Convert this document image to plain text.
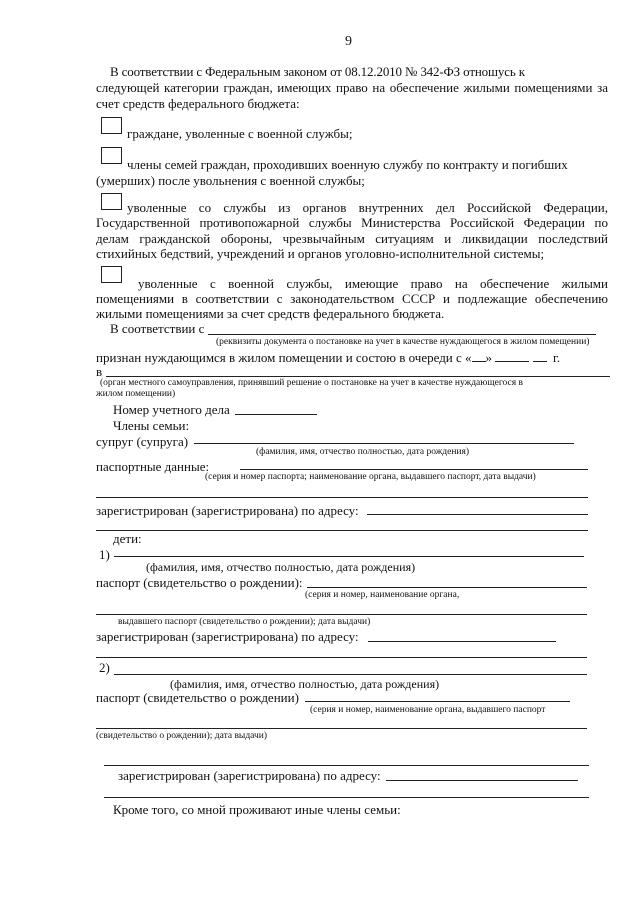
9
В соответствии с Федеральным законом от 08.12.2010 № 342-ФЗ отношусь к
следующей категории граждан, имеющих право на обеспечение жилыми помещениями за
счет средств федерального бюджета:
граждане, уволенные с военной службы;
члены семей граждан, проходивших военную службу по контракту и погибших
(умерших) после увольнения с военной службы;
уволенные со службы из органов внутренних дел Российской Федерации,
Государственной противопожарной службы Министерства Российской Федерации по
делам гражданской обороны, чрезвычайным ситуациям и ликвидации последствий
стихийных бедствий, учреждений и органов уголовно-исполнительной системы;
уволенные с военной службы, имеющие право на обеспечение жилыми
помещениями в соответствии с законодательством СССР и подлежащие обеспечению
жилыми помещениями за счет средств федерального бюджета.
В соответствии с
(реквизиты документа о постановке на учет в качестве нуждающегося в жилом помещении)
признан нуждающимся в жилом помещении и состою в очереди с « »	г.
в
(орган местного самоуправления, принявший решение о постановке на учет в качестве нуждающегося в
жилом помещении)
Номер учетного дела
Члены семьи:
супруг (супруга)
(фамилия, имя, отчество полностью, дата рождения)
паспортные данные:
(серия и номер паспорта; наименование органа, выдавшего паспорт, дата выдачи)
зарегистрирован (зарегистрирована) по адресу:
дети:
1)
(фамилия, имя, отчество полностью, дата рождения)
паспорт (свидетельство о рождении):
(серия и номер, наименование органа,
выдавшего паспорт (свидетельство о рождении); дата выдачи)
зарегистрирован (зарегистрирована) по адресу:
2)
(фамилия, имя, отчество полностью, дата рождения)
паспорт (свидетельство о рождении)
(серия и номер, наименование органа, выдавшего паспорт
(свидетельство о рождении); дата выдачи)
зарегистрирован (зарегистрирована) по адресу:
Кроме того, со мной проживают иные члены семьи:
